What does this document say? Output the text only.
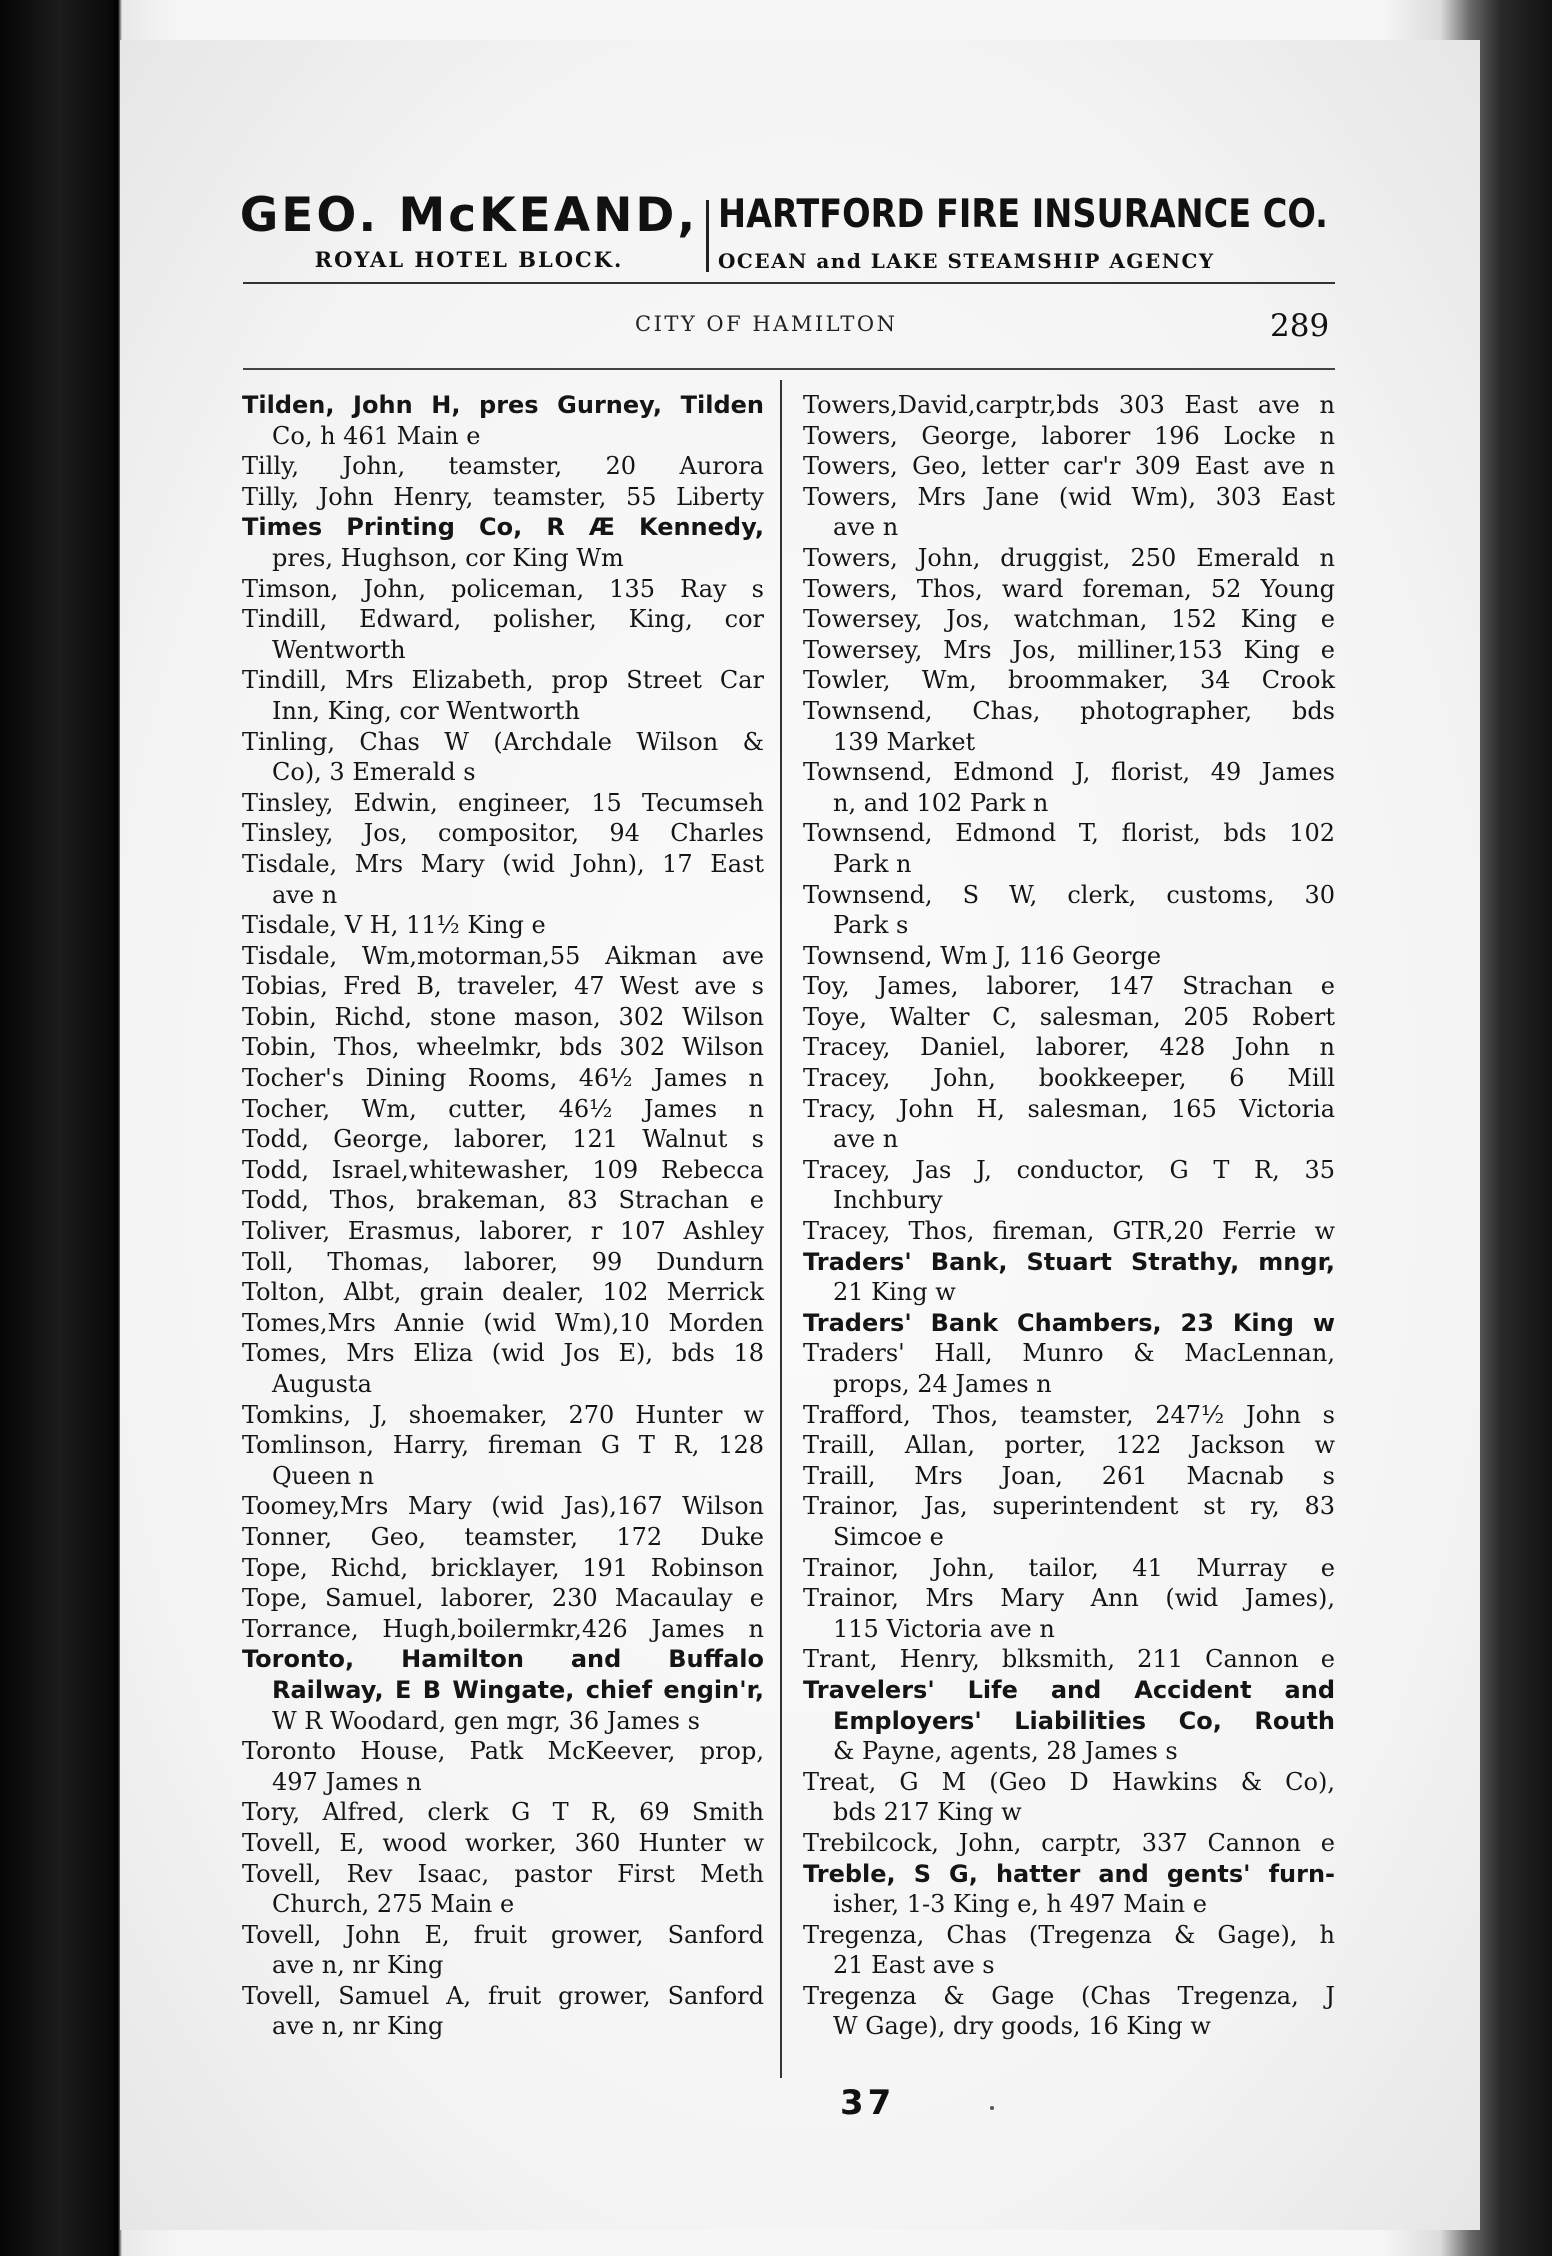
GEO. McKEAND,
ROYAL HOTEL BLOCK.
HARTFORD FIRE INSURANCE CO.
OCEAN and LAKE STEAMSHIP AGENCY
CITY OF HAMILTON	289
Tilden, John H, pres Gurney, Tilden
Co, h 461 Main e
Tilly, John, teamster, 20 Aurora
Tilly, John Henry, teamster, 55 Liberty
Times Printing Co, R Æ Kennedy,
pres, Hughson, cor King Wm
Timson, John, policeman, 135 Ray s
Tindill, Edward, polisher, King, cor
Wentworth
Tindill, Mrs Elizabeth, prop Street Car
Inn, King, cor Wentworth
Tinling, Chas W (Archdale Wilson &
Co), 3 Emerald s
Tinsley, Edwin, engineer, 15 Tecumseh
Tinsley, Jos, compositor, 94 Charles
Tisdale, Mrs Mary (wid John), 17 East
ave n
Tisdale, V H, 11½ King e
Tisdale, Wm,motorman,55 Aikman ave
Tobias, Fred B, traveler, 47 West ave s
Tobin, Richd, stone mason, 302 Wilson
Tobin, Thos, wheelmkr, bds 302 Wilson
Tocher's Dining Rooms, 46½ James n
Tocher, Wm, cutter, 46½ James n
Todd, George, laborer, 121 Walnut s
Todd, Israel,whitewasher, 109 Rebecca
Todd, Thos, brakeman, 83 Strachan e
Toliver, Erasmus, laborer, r 107 Ashley
Toll, Thomas, laborer, 99 Dundurn
Tolton, Albt, grain dealer, 102 Merrick
Tomes,Mrs Annie (wid Wm),10 Morden
Tomes, Mrs Eliza (wid Jos E), bds 18
Augusta
Tomkins, J, shoemaker, 270 Hunter w
Tomlinson, Harry, fireman G T R, 128
Queen n
Toomey,Mrs Mary (wid Jas),167 Wilson
Tonner, Geo, teamster, 172 Duke
Tope, Richd, bricklayer, 191 Robinson
Tope, Samuel, laborer, 230 Macaulay e
Torrance, Hugh,boilermkr,426 James n
Toronto, Hamilton and Buffalo
Railway, E B Wingate, chief engin'r,
W R Woodard, gen mgr, 36 James s
Toronto House, Patk McKeever, prop,
497 James n
Tory, Alfred, clerk G T R, 69 Smith
Tovell, E, wood worker, 360 Hunter w
Tovell, Rev Isaac, pastor First Meth
Church, 275 Main e
Tovell, John E, fruit grower, Sanford
ave n, nr King
Tovell, Samuel A, fruit grower, Sanford
ave n, nr King
Towers,David,carptr,bds 303 East ave n
Towers, George, laborer 196 Locke n
Towers, Geo, letter car'r 309 East ave n
Towers, Mrs Jane (wid Wm), 303 East
ave n
Towers, John, druggist, 250 Emerald n
Towers, Thos, ward foreman, 52 Young
Towersey, Jos, watchman, 152 King e
Towersey, Mrs Jos, milliner,153 King e
Towler, Wm, broommaker, 34 Crook
Townsend, Chas, photographer, bds
139 Market
Townsend, Edmond J, florist, 49 James
n, and 102 Park n
Townsend, Edmond T, florist, bds 102
Park n
Townsend, S W, clerk, customs, 30
Park s
Townsend, Wm J, 116 George
Toy, James, laborer, 147 Strachan e
Toye, Walter C, salesman, 205 Robert
Tracey, Daniel, laborer, 428 John n
Tracey, John, bookkeeper, 6 Mill
Tracy, John H, salesman, 165 Victoria
ave n
Tracey, Jas J, conductor, G T R, 35
Inchbury
Tracey, Thos, fireman, GTR,20 Ferrie w
Traders' Bank, Stuart Strathy, mngr,
21 King w
Traders' Bank Chambers, 23 King w
Traders' Hall, Munro & MacLennan,
props, 24 James n
Trafford, Thos, teamster, 247½ John s
Traill, Allan, porter, 122 Jackson w
Traill, Mrs Joan, 261 Macnab s
Trainor, Jas, superintendent st ry, 83
Simcoe e
Trainor, John, tailor, 41 Murray e
Trainor, Mrs Mary Ann (wid James),
115 Victoria ave n
Trant, Henry, blksmith, 211 Cannon e
Travelers' Life and Accident and
Employers' Liabilities Co, Routh
& Payne, agents, 28 James s
Treat, G M (Geo D Hawkins & Co),
bds 217 King w
Trebilcock, John, carptr, 337 Cannon e
Treble, S G, hatter and gents' furn-
isher, 1-3 King e, h 497 Main e
Tregenza, Chas (Tregenza & Gage), h
21 East ave s
Tregenza & Gage (Chas Tregenza, J
W Gage), dry goods, 16 King w
37
